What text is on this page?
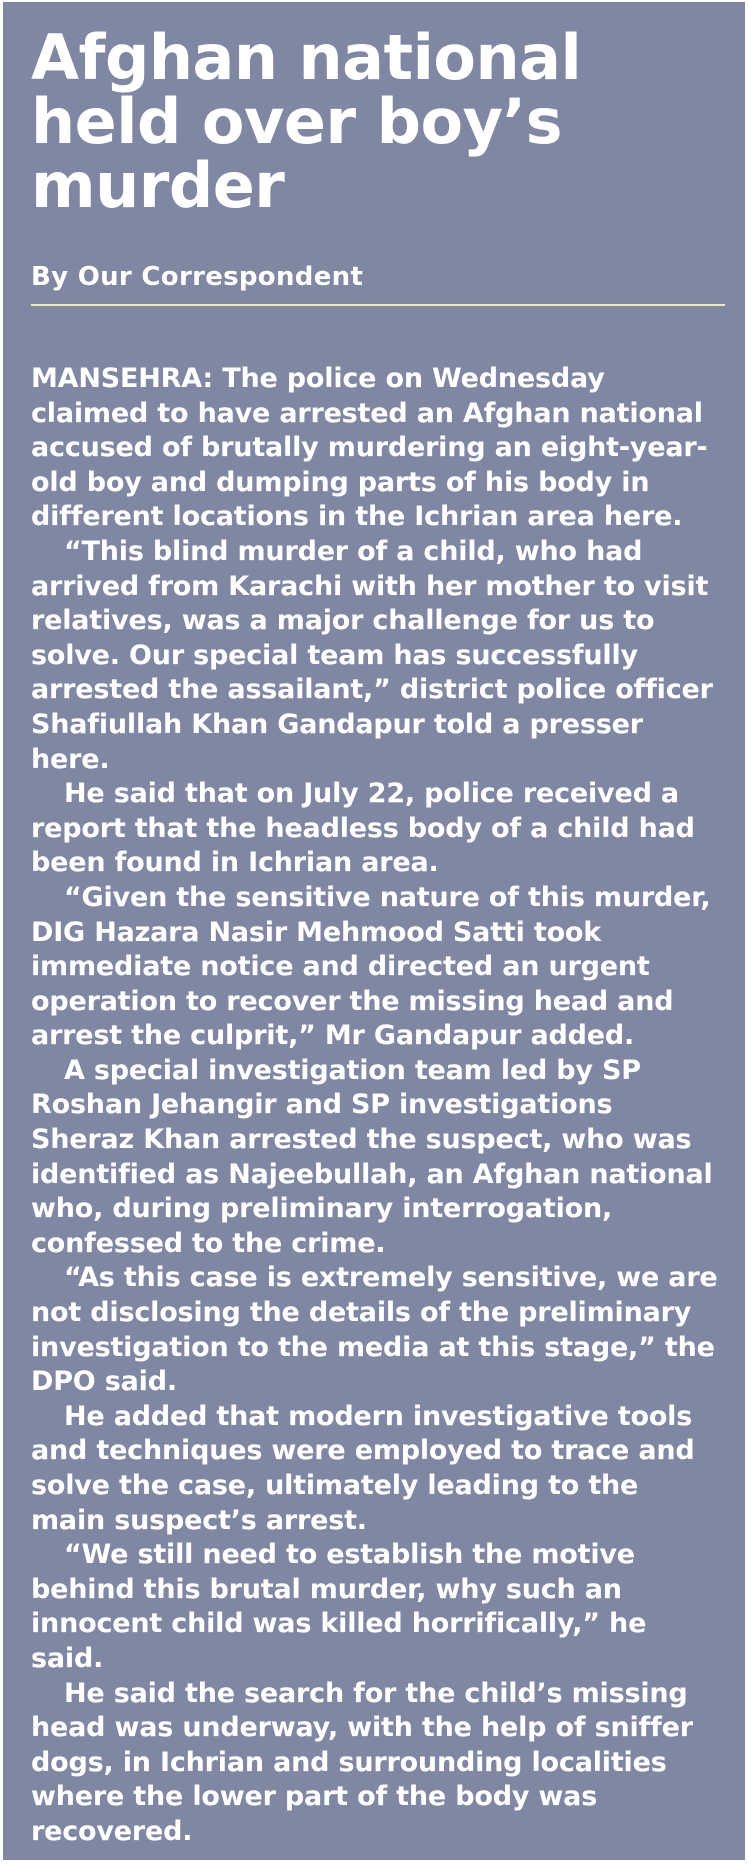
Afghan national
held over boy’s
murder
By Our Correspondent

MANSEHRA: The police on Wednesday claimed to have arrested an Afghan national accused of brutally murdering an eight-year-old boy and dumping parts of his body in different locations in the Ichrian area here.

“This blind murder of a child, who had arrived from Karachi with her mother to visit relatives, was a major challenge for us to solve. Our special team has successfully arrested the assailant,” district police officer Shafiullah Khan Gandapur told a presser here.

He said that on July 22, police received a report that the headless body of a child had been found in Ichrian area.

“Given the sensitive nature of this murder, DIG Hazara Nasir Mehmood Satti took immediate notice and directed an urgent operation to recover the missing head and arrest the culprit,” Mr Gandapur added.

A special investigation team led by SP Roshan Jehangir and SP investigations Sheraz Khan arrested the suspect, who was identified as Najeebullah, an Afghan national who, during preliminary interrogation, confessed to the crime.

“As this case is extremely sensitive, we are not disclosing the details of the preliminary investigation to the media at this stage,” the DPO said.

He added that modern investigative tools and techniques were employed to trace and solve the case, ultimately leading to the main suspect’s arrest.

“We still need to establish the motive behind this brutal murder, why such an innocent child was killed horrifically,” he said.

He said the search for the child’s missing head was underway, with the help of sniffer dogs, in Ichrian and surrounding localities where the lower part of the body was recovered.
